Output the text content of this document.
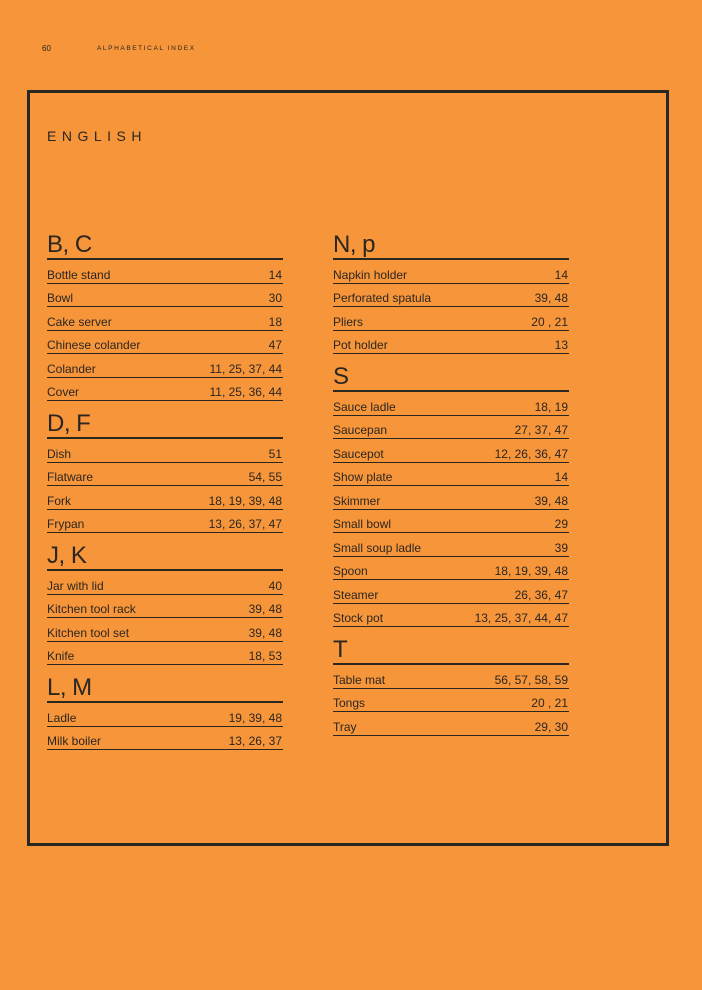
60	ALPHABETICAL INDEX
ENGLISH
B, C
Bottle stand	14
Bowl	30
Cake server	18
Chinese colander	47
Colander	11, 25, 37, 44
Cover	11, 25, 36, 44
D, F
Dish	51
Flatware	54, 55
Fork	18, 19, 39, 48
Frypan	13, 26, 37, 47
J, K
Jar with lid	40
Kitchen tool rack	39, 48
Kitchen tool set	39, 48
Knife	18, 53
L, M
Ladle	19, 39, 48
Milk boiler	13, 26, 37
N, p
Napkin holder	14
Perforated spatula	39, 48
Pliers	20 , 21
Pot holder	13
S
Sauce ladle	18, 19
Saucepan	27, 37, 47
Saucepot	12, 26, 36, 47
Show plate	14
Skimmer	39, 48
Small bowl	29
Small soup ladle	39
Spoon	18, 19, 39, 48
Steamer	26, 36, 47
Stock pot	13, 25, 37, 44, 47
T
Table mat	56, 57, 58, 59
Tongs	20 , 21
Tray	29, 30
